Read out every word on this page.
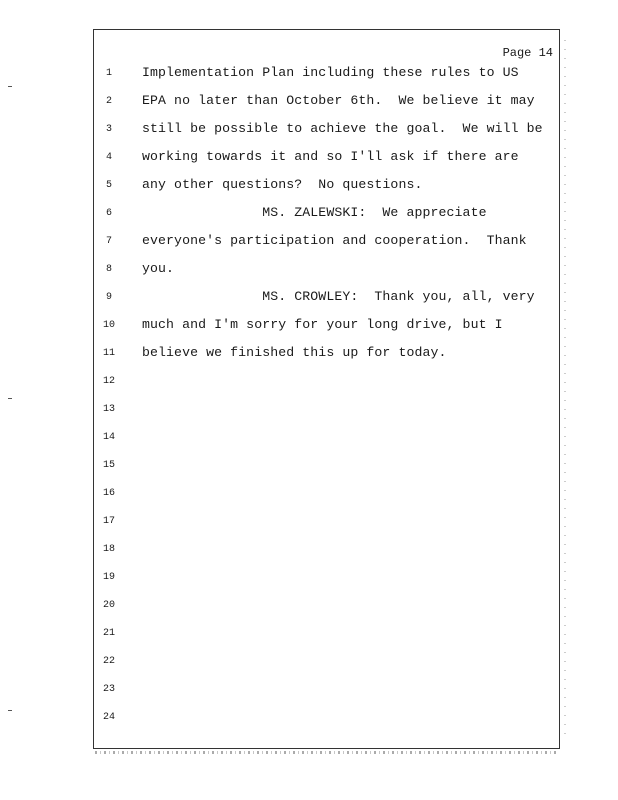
Page 14
1	Implementation Plan including these rules to US
2	EPA no later than October 6th.  We believe it may
3	still be possible to achieve the goal.  We will be
4	working towards it and so I'll ask if there are
5	any other questions?  No questions.
6	MS. ZALEWSKI:  We appreciate
7	everyone's participation and cooperation.  Thank
8	you.
9	MS. CROWLEY:  Thank you, all, very
10 much and I'm sorry for your long drive, but I
11 believe we finished this up for today.
12
13
14
15
16
17
18
19
20
21
22
23
24
